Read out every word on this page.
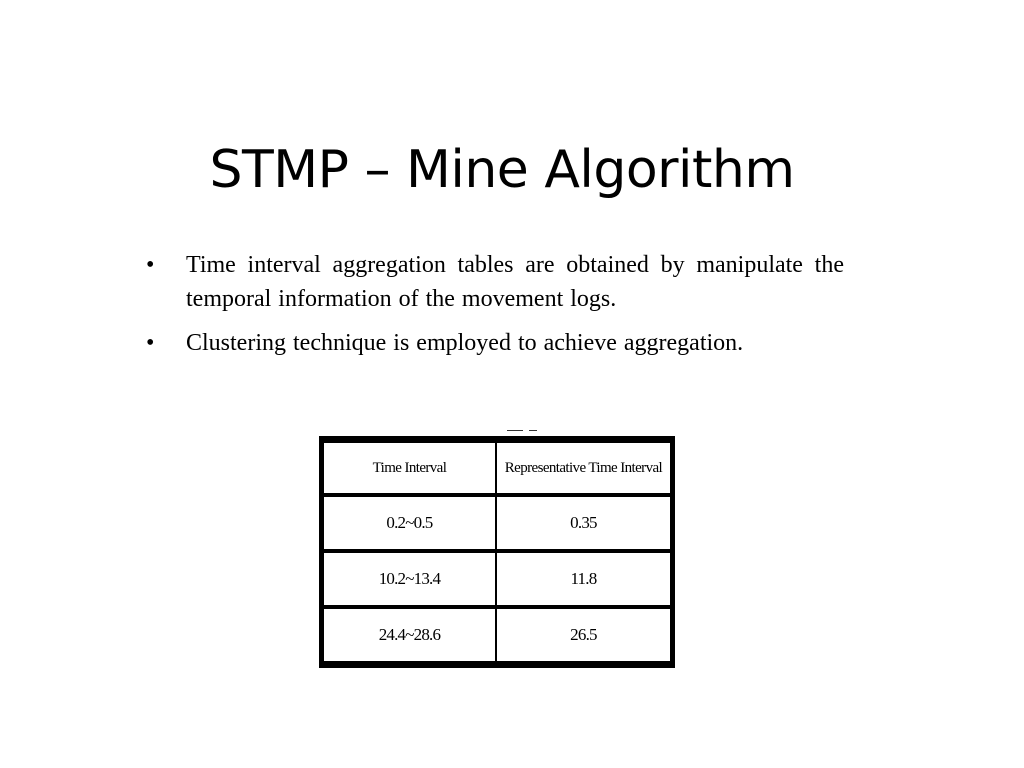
STMP – Mine Algorithm
• Time interval aggregation tables are obtained by manipulate the temporal information of the movement logs.
• Clustering technique is employed to achieve aggregation.
Time Interval	Representative Time Interval
0.2~0.5	0.35
10.2~13.4	11.8
24.4~28.6	26.5
